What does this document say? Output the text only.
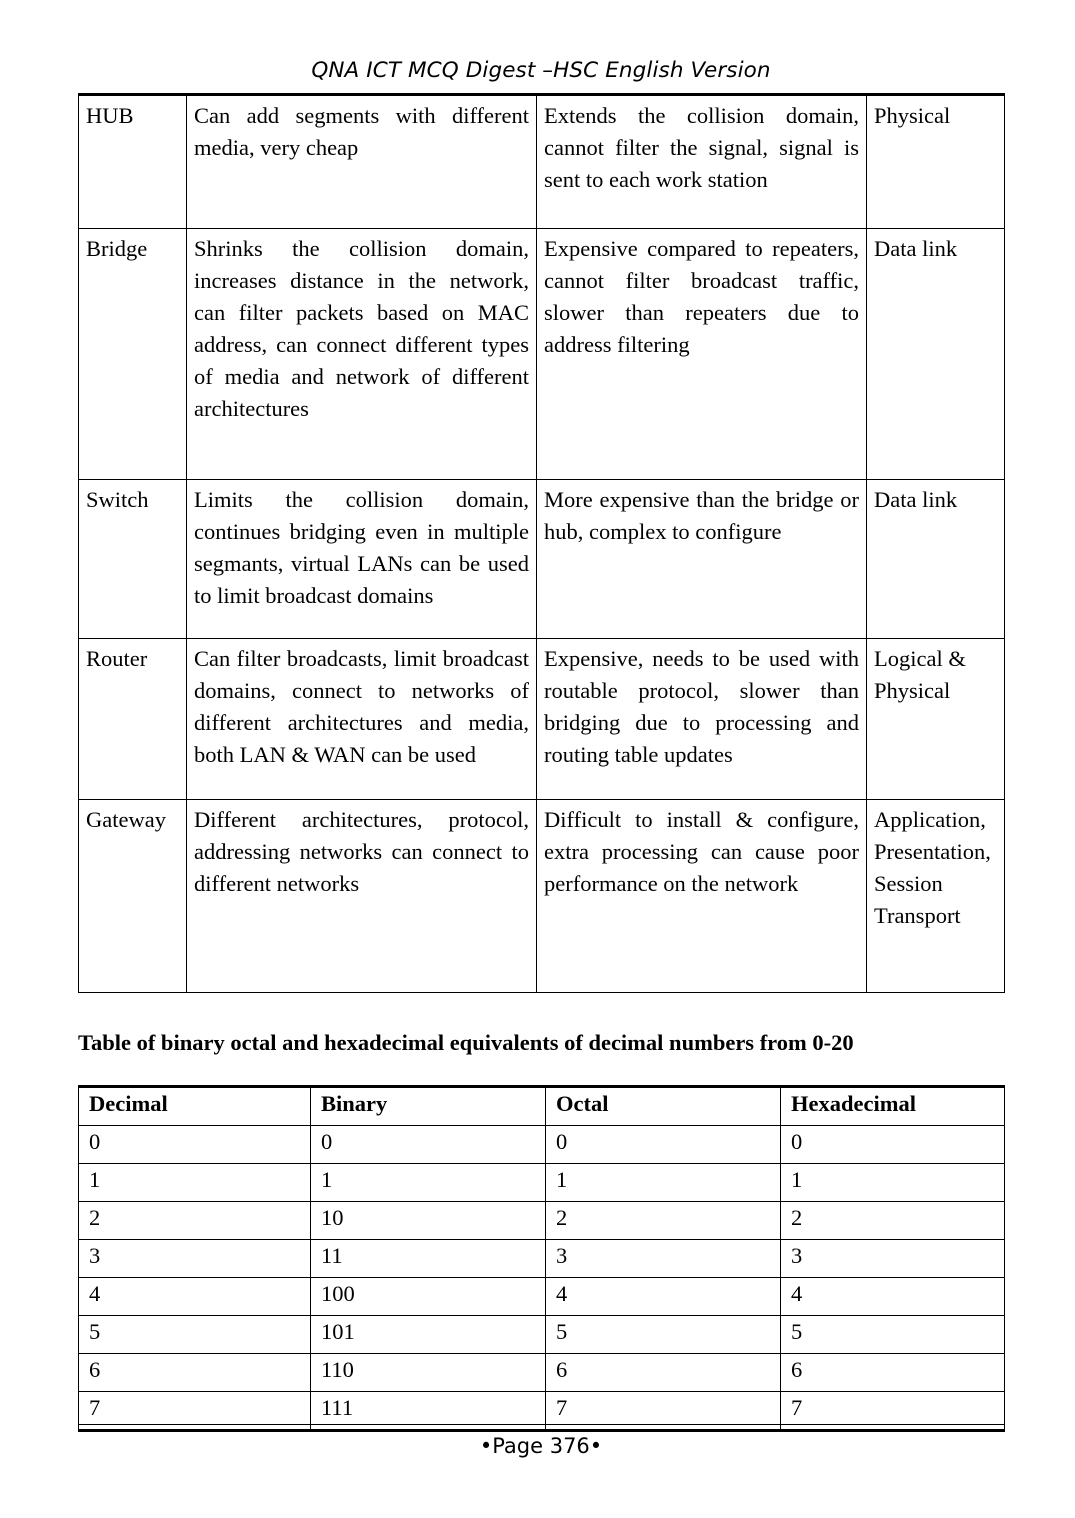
QNA ICT MCQ Digest –HSC English Version
HUB	Can add segments with different media, very cheap	Extends the collision domain, cannot filter the signal, signal is sent to each work station	Physical
Bridge	Shrinks the collision domain, increases distance in the network, can filter packets based on MAC address, can connect different types of media and network of different architectures	Expensive compared to repeaters, cannot filter broadcast traffic, slower than repeaters due to address filtering	Data link
Switch	Limits the collision domain, continues bridging even in multiple segmants, virtual LANs can be used to limit broadcast domains	More expensive than the bridge or hub, complex to configure	Data link
Router	Can filter broadcasts, limit broadcast domains, connect to networks of different architectures and media, both LAN & WAN can be used	Expensive, needs to be used with routable protocol, slower than bridging due to processing and routing table updates	Logical & Physical
Gateway	Different architectures, protocol, addressing networks can connect to different networks	Difficult to install & configure, extra processing can cause poor performance on the network	Application, Presentation, Session Transport
Table of binary octal and hexadecimal equivalents of decimal numbers from 0-20
Decimal	Binary	Octal	Hexadecimal
0	0	0	0
1	1	1	1
2	10	2	2
3	11	3	3
4	100	4	4
5	101	5	5
6	110	6	6
7	111	7	7
•Page 376•
